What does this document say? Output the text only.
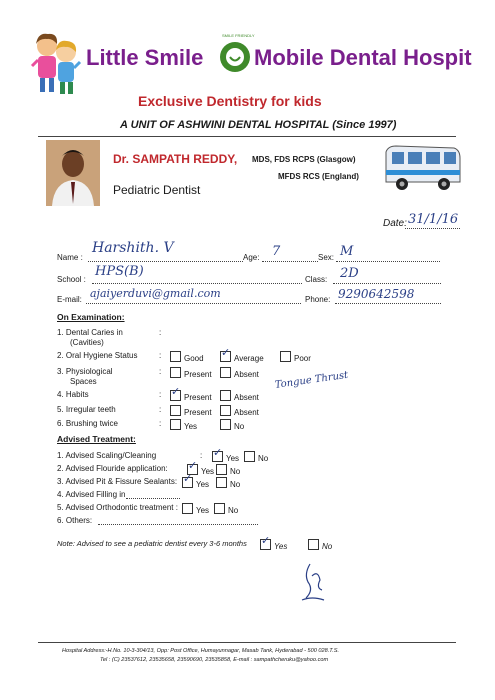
Little Smile
SMILE FRIENDLY
Mobile Dental Hospit
Exclusive Dentistry for kids
A UNIT OF ASHWINI DENTAL HOSPITAL (Since 1997)
Dr. SAMPATH REDDY, MDS, FDS RCPS (Glasgow)
MFDS RCS (England)
Pediatric Dentist
Date: 31/1/16
Name :
Harshith. V
Age: 7	Sex: M
School :
HPS(B)
Class: 2D
E-mail: ajaiyerduvi@gmail.com	Phone: 9290642598
On Examination:
1. Dental Caries in
(Cavities)
:
2. Oral Hygiene Status	:	Good ✓	Average	Poor
3. Physiological
Spaces
:	Present	Absent
4. Habits	: ✓	Present	Absent
Tongue Thrust
5. Irregular teeth	:	Present	Absent
6. Brushing twice	:	Yes	No
Advised Treatment:
1. Advised Scaling/Cleaning	: ✓	Yes	No
2. Advised Flouride application: ✓	Yes	No
3. Advised Pit & Fissure Sealants: ✓	Yes	No
4. Advised Filling in
5. Advised Orthodontic treatment :	Yes	No
6. Others:
Note: Advised to see a pediatric dentist every 3-6 months ✓	Yes	No
Hospital Address:-H.No. 10-3-304/13, Opp: Post Office, Humayunnagar, Masab Tank, Hyderabad - 500 028.T.S.
Tel : (C) 23537612, 23535658, 23590690, 23535858, E-mail : sampathcheruku@yahoo.com
